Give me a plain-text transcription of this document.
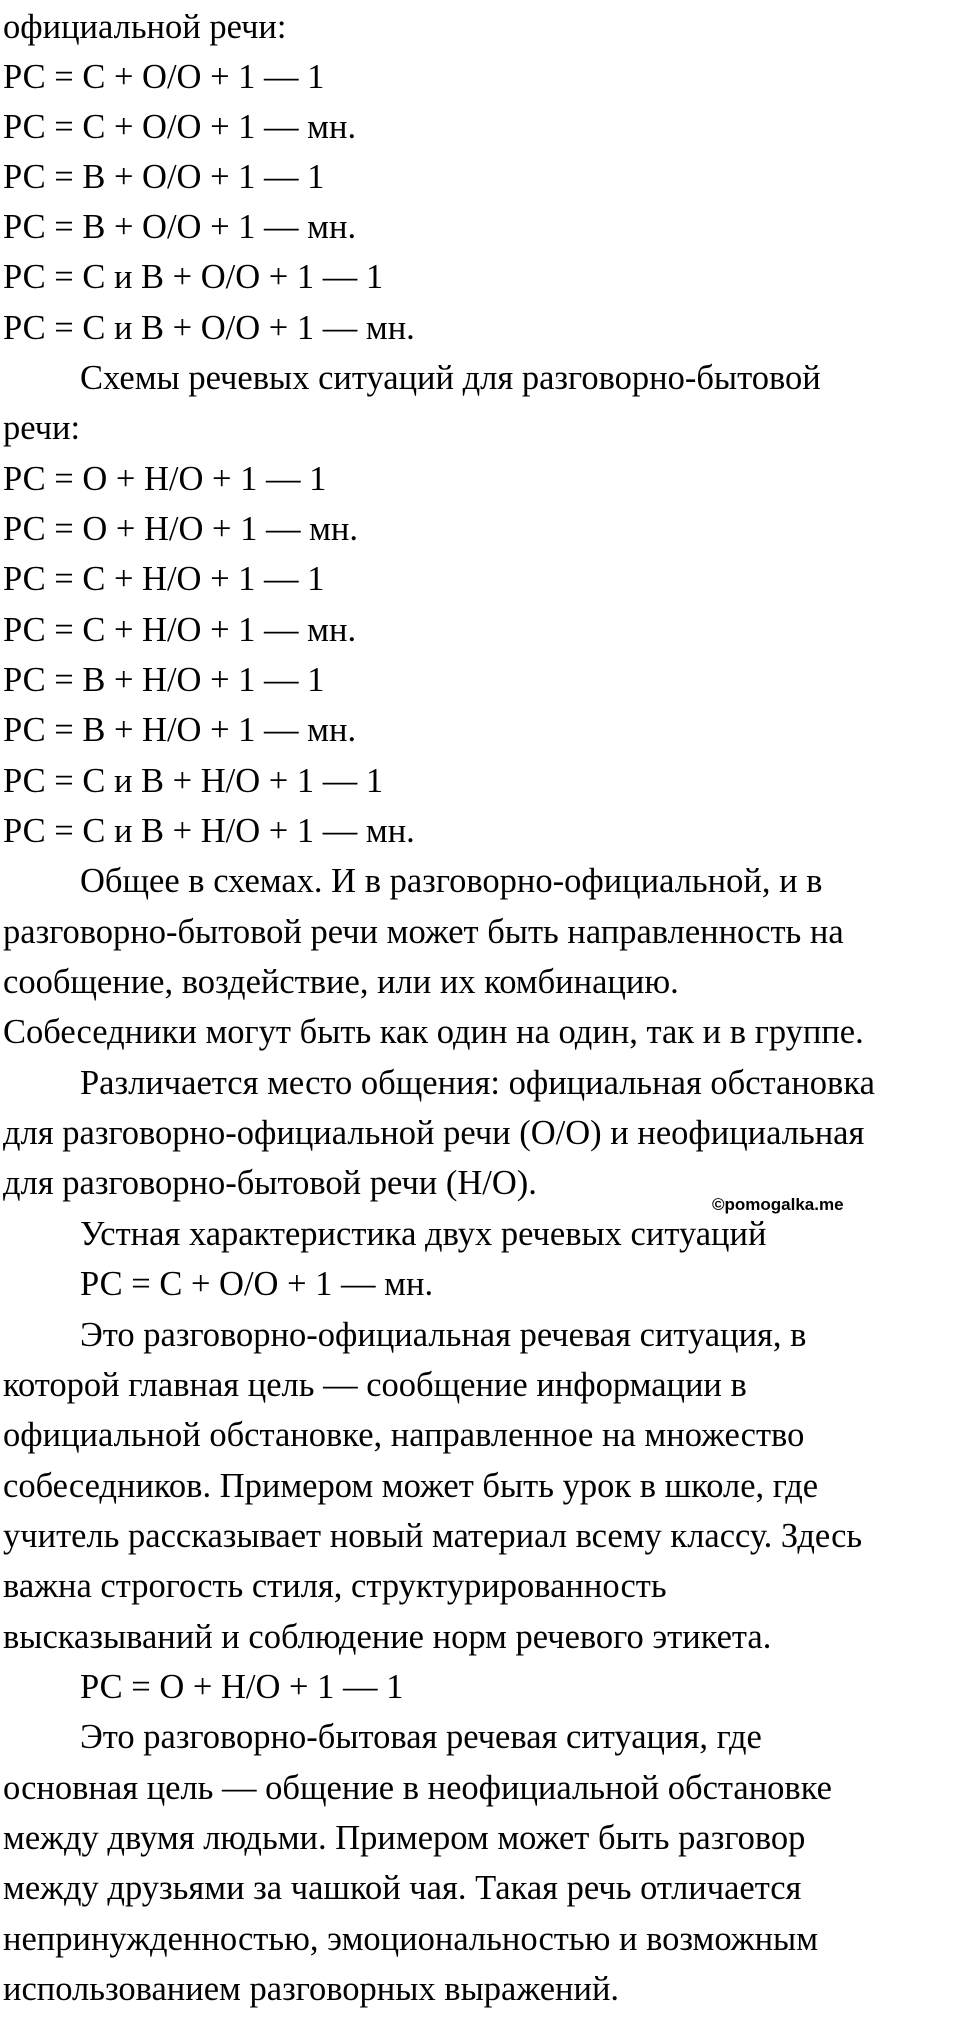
официальной речи:
РС = С + О/О + 1 — 1
РС = С + О/О + 1 — мн.
РС = В + О/О + 1 — 1
РС = В + О/О + 1 — мн.
РС = С и В + О/О + 1 — 1
РС = С и В + О/О + 1 — мн.
Схемы речевых ситуаций для разговорно-бытовой
речи:
РС = О + Н/О + 1 — 1
РС = О + Н/О + 1 — мн.
РС = С + Н/О + 1 — 1
РС = С + Н/О + 1 — мн.
РС = В + Н/О + 1 — 1
РС = В + Н/О + 1 — мн.
РС = С и В + Н/О + 1 — 1
РС = С и В + Н/О + 1 — мн.
Общее в схемах. И в разговорно-официальной, и в
разговорно-бытовой речи может быть направленность на
сообщение, воздействие, или их комбинацию.
Собеседники могут быть как один на один, так и в группе.
Различается место общения: официальная обстановка
для разговорно-официальной речи (О/О) и неофициальная
для разговорно-бытовой речи (Н/О).
©pomogalka.me
Устная характеристика двух речевых ситуаций
РС = С + О/О + 1 — мн.
Это разговорно-официальная речевая ситуация, в
которой главная цель — сообщение информации в
официальной обстановке, направленное на множество
собеседников. Примером может быть урок в школе, где
учитель рассказывает новый материал всему классу. Здесь
важна строгость стиля, структурированность
высказываний и соблюдение норм речевого этикета.
РС = О + Н/О + 1 — 1
Это разговорно-бытовая речевая ситуация, где
основная цель — общение в неофициальной обстановке
между двумя людьми. Примером может быть разговор
между друзьями за чашкой чая. Такая речь отличается
непринужденностью, эмоциональностью и возможным
использованием разговорных выражений.
